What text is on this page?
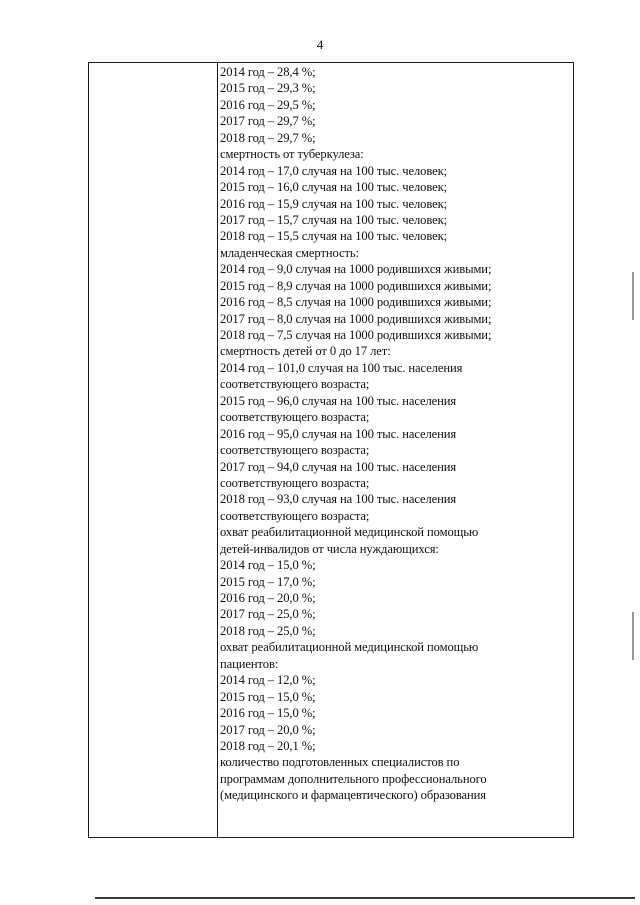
4
2014 год – 28,4 %;
2015 год – 29,3 %;
2016 год – 29,5 %;
2017 год – 29,7 %;
2018 год – 29,7 %;
смертность от туберкулеза:
2014 год – 17,0 случая на 100 тыс. человек;
2015 год – 16,0 случая на 100 тыс. человек;
2016 год – 15,9 случая на 100 тыс. человек;
2017 год – 15,7 случая на 100 тыс. человек;
2018 год – 15,5 случая на 100 тыс. человек;
младенческая смертность:
2014 год – 9,0 случая на 1000 родившихся живыми;
2015 год – 8,9 случая на 1000 родившихся живыми;
2016 год – 8,5 случая на 1000 родившихся живыми;
2017 год – 8,0 случая на 1000 родившихся живыми;
2018 год – 7,5 случая на 1000 родившихся живыми;
смертность детей от 0 до 17 лет:
2014 год – 101,0 случая на 100 тыс. населения
соответствующего возраста;
2015 год – 96,0 случая на 100 тыс. населения
соответствующего возраста;
2016 год – 95,0 случая на 100 тыс. населения
соответствующего возраста;
2017 год – 94,0 случая на 100 тыс. населения
соответствующего возраста;
2018 год – 93,0 случая на 100 тыс. населения
соответствующего возраста;
охват реабилитационной медицинской помощью
детей-инвалидов от числа нуждающихся:
2014 год – 15,0 %;
2015 год – 17,0 %;
2016 год – 20,0 %;
2017 год – 25,0 %;
2018 год – 25,0 %;
охват реабилитационной медицинской помощью
пациентов:
2014 год – 12,0 %;
2015 год – 15,0 %;
2016 год – 15,0 %;
2017 год – 20,0 %;
2018 год – 20,1 %;
количество подготовленных специалистов по
программам дополнительного профессионального
(медицинского и фармацевтического) образования
